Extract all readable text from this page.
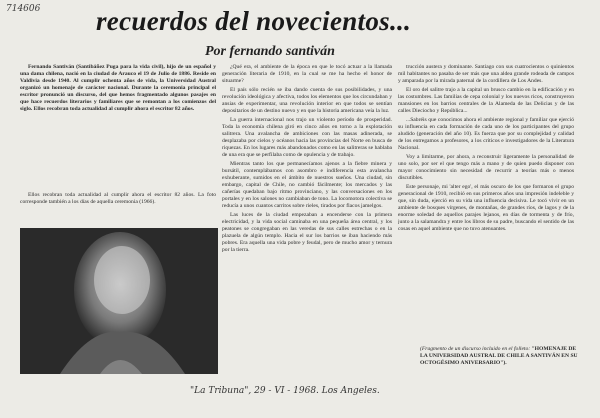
714606 recuerdos del novecientos...
Por fernando santiván

Fernando Santiván (Santibáñez Puga para la vida civil), hijo de un español y una dama chilena, nació en la ciudad de Arauco el 19 de Julio de 1886. Reside en Valdivia desde 1940. Al cumplir ochenta años de vida, la Universidad Austral organizó un homenaje de carácter nacional. Durante la ceremonia principal el escritor pronunció un discurso, del que hemos fragmentado algunos pasajes en que hace recuerdos literarios y familiares que se remontan a los comienzos del siglo. Ellos recobran toda actualidad al cumplir ahora el escritor 82 años.

Ellos recobran toda actualidad al cumplir ahora el escritor 82 años. La foto corresponde también a los días de aquella ceremonia (1966).

¿Qué era, el ambiente de la época en que le tocó actuar a la llamada generación literaria de 1910, en la cual se me ha hecho el honor de situarme?

El país sólo recién se iba dando cuenta de sus posibilidades, y una revolución ideológica y afectiva, todos los elementos que los circundaban y ansias de experimentar, una revolución interior en que todos se sentían depositarios de un destino nuevo y en que la historia americana veía la luz.

La guerra internacional nos trajo un violento período de prosperidad. Toda la economía chilena giró en cinco años en torno a la explotación salitrera. Una avalancha de ambiciones con las masas adinerada, se desplazaba por cielos y océanos hacia las provincias del Norte en busca de riquezas. En los lugares más abandonados como en las salitreras se hablaba de una era que se perfilaba como de opulencia y de trabajo.

Mientras tanto los que permanecíamos ajenos a la fiebre minera y bursátil, contemplábamos con asombro e indiferencia esta avalancha exhuberante, sumidos en el ámbito de nuestros sueños. Una ciudad, sin embargo, capital de Chile, no cambió fácilmente; los mercados y las cañerías quedaban bajo ritmo provinciano, y las conversaciones en los portales y en los salones no cambiaban de tono. La locomotora colectiva se reducía a unos cuantos carritos sobre rieles, tirados por flacos jamelgos.

Las luces de la ciudad empezaban a encenderse con la primera electricidad, y la vida social caminaba en una pequeña área central, y los peatones se congregaban en las veredas de sus calles estrechas o en la plazuela de algún templo. Hacia el sur los barrios se iban haciendo más pobres. Era aquella una vida pobre y feudal, pero de mucho amor y ternura por la tierra.

trucción austera y dominante. Santiago con sus cuatrocientos o quinientos mil habitantes no pasaba de ser más que una aldea grande rodeada de campos y amparada por la mirada paternal de la cordillera de Los Andes.

El oro del salitre trajo a la capital un brusco cambio en la edificación y en las costumbres. Las familias de cepa colonial y los nuevos ricos, construyeron mansiones en los barrios centrales de la Alameda de las Delicias y de las calles Dieciocho y República...

...Sabréis que conocimos ahora el ambiente regional y familiar que ejerció su influencia en cada formación de cada uno de los participantes del grupo aludido (generación del año 10). Es fuerza que por su complejidad y calidad de los entregamos a profesores, a los críticos e investigadores de la Literatura Nacional.

Voy a limitarme, por ahora, a reconstruir ligeramente la personalidad de uno solo, por ser el que tengo más a mano y de quien puedo disponer con mayor conocimiento sin necesidad de recurrir a teorías más o menos discutibles.

Este personaje, mi 'alter ego', el más oscuro de los que formaron el grupo generacional de 1910, recibió en sus primeros años una impresión indeleble y que, sin duda, ejerció en su vida una influencia decisiva. Le tocó vivir en un ambiente de bosques vírgenes, de montañas, de grandes ríos, de lagos y de la enorme soledad de aquellos parajes lejanos, en días de tormenta y de frío, junto a la salamandra y entre los libros de su padre, buscando el sentido de las cosas en aquel ambiente que no tuvo atenuantes.

(Fragmento de un discurso incluido en el folleto: "HOMENAJE DE LA UNIVERSIDAD AUSTRAL DE CHILE A SANTIVÁN EN SU OCTOGÉSIMO ANIVERSARIO").
"La Tribuna", 29 - VI - 1968. Los Angeles.
